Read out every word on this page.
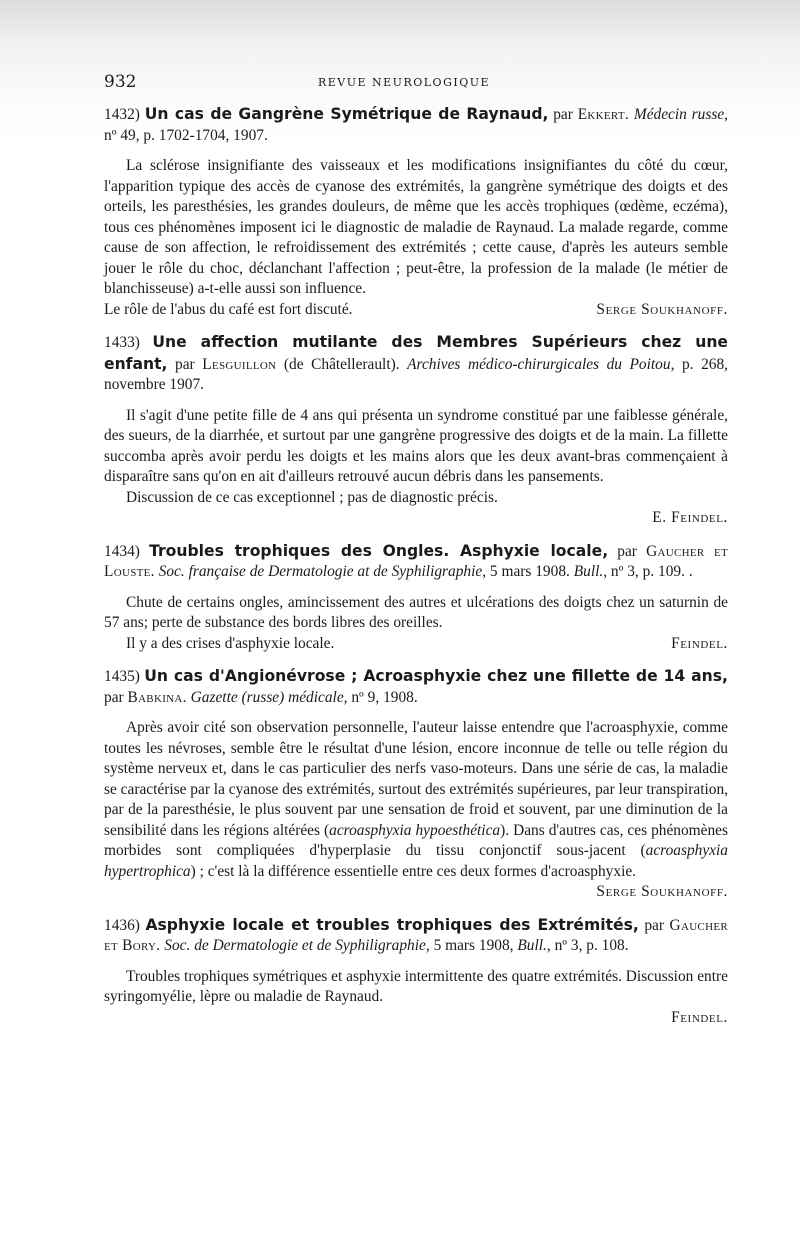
932	REVUE NEUROLOGIQUE
1432) Un cas de Gangrène Symétrique de Raynaud, par Ekkert. Médecin russe, nº 49, p. 1702-1704, 1907.

La sclérose insignifiante des vaisseaux et les modifications insignifiantes du côté du cœur, l'apparition typique des accès de cyanose des extrémités, la gangrène symétrique des doigts et des orteils, les paresthésies, les grandes douleurs, de même que les accès trophiques (œdème, eczéma), tous ces phénomènes imposent ici le diagnostic de maladie de Raynaud. La malade regarde, comme cause de son affection, le refroidissement des extrémités ; cette cause, d'après les auteurs semble jouer le rôle du choc, déclanchant l'affection ; peut-être, la profession de la malade (le métier de blanchisseuse) a-t-elle aussi son influence.

Le rôle de l'abus du café est fort discuté.	Serge Soukhanoff.

1433) Une affection mutilante des Membres Supérieurs chez une enfant, par Lesguillon (de Châtellerault). Archives médico-chirurgicales du Poitou, p. 268, novembre 1907.

Il s'agit d'une petite fille de 4 ans qui présenta un syndrome constitué par une faiblesse générale, des sueurs, de la diarrhée, et surtout par une gangrène progressive des doigts et de la main. La fillette succomba après avoir perdu les doigts et les mains alors que les deux avant-bras commençaient à disparaître sans qu'on en ait d'ailleurs retrouvé aucun débris dans les pansements.

Discussion de ce cas exceptionnel ; pas de diagnostic précis.

E. Feindel.
1434) Troubles trophiques des Ongles. Asphyxie locale, par Gaucher et Louste. Soc. française de Dermatologie at de Syphiligraphie, 5 mars 1908. Bull., nº 3, p. 109. .

Chute de certains ongles, amincissement des autres et ulcérations des doigts chez un saturnin de 57 ans; perte de substance des bords libres des oreilles.

Il y a des crises d'asphyxie locale.	Feindel.

1435) Un cas d'Angionévrose ; Acroasphyxie chez une fillette de 14 ans, par Babkina. Gazette (russe) médicale, nº 9, 1908.

Après avoir cité son observation personnelle, l'auteur laisse entendre que l'acroasphyxie, comme toutes les névroses, semble être le résultat d'une lésion, encore inconnue de telle ou telle région du système nerveux et, dans le cas particulier des nerfs vaso-moteurs. Dans une série de cas, la maladie se caractérise par la cyanose des extrémités, surtout des extrémités supérieures, par leur transpiration, par de la paresthésie, le plus souvent par une sensation de froid et souvent, par une diminution de la sensibilité dans les régions altérées (acroasphyxia hypoesthética). Dans d'autres cas, ces phénomènes morbides sont compliquées d'hyperplasie du tissu conjonctif sous-jacent (acroasphyxia hypertrophica) ; c'est là la différence essentielle entre ces deux formes d'acroasphyxie.

Serge Soukhanoff.
1436) Asphyxie locale et troubles trophiques des Extrémités, par Gaucher et Bory. Soc. de Dermatologie et de Syphiligraphie, 5 mars 1908, Bull., nº 3, p. 108.

Troubles trophiques symétriques et asphyxie intermittente des quatre extrémités. Discussion entre syringomyélie, lèpre ou maladie de Raynaud.

Feindel.
